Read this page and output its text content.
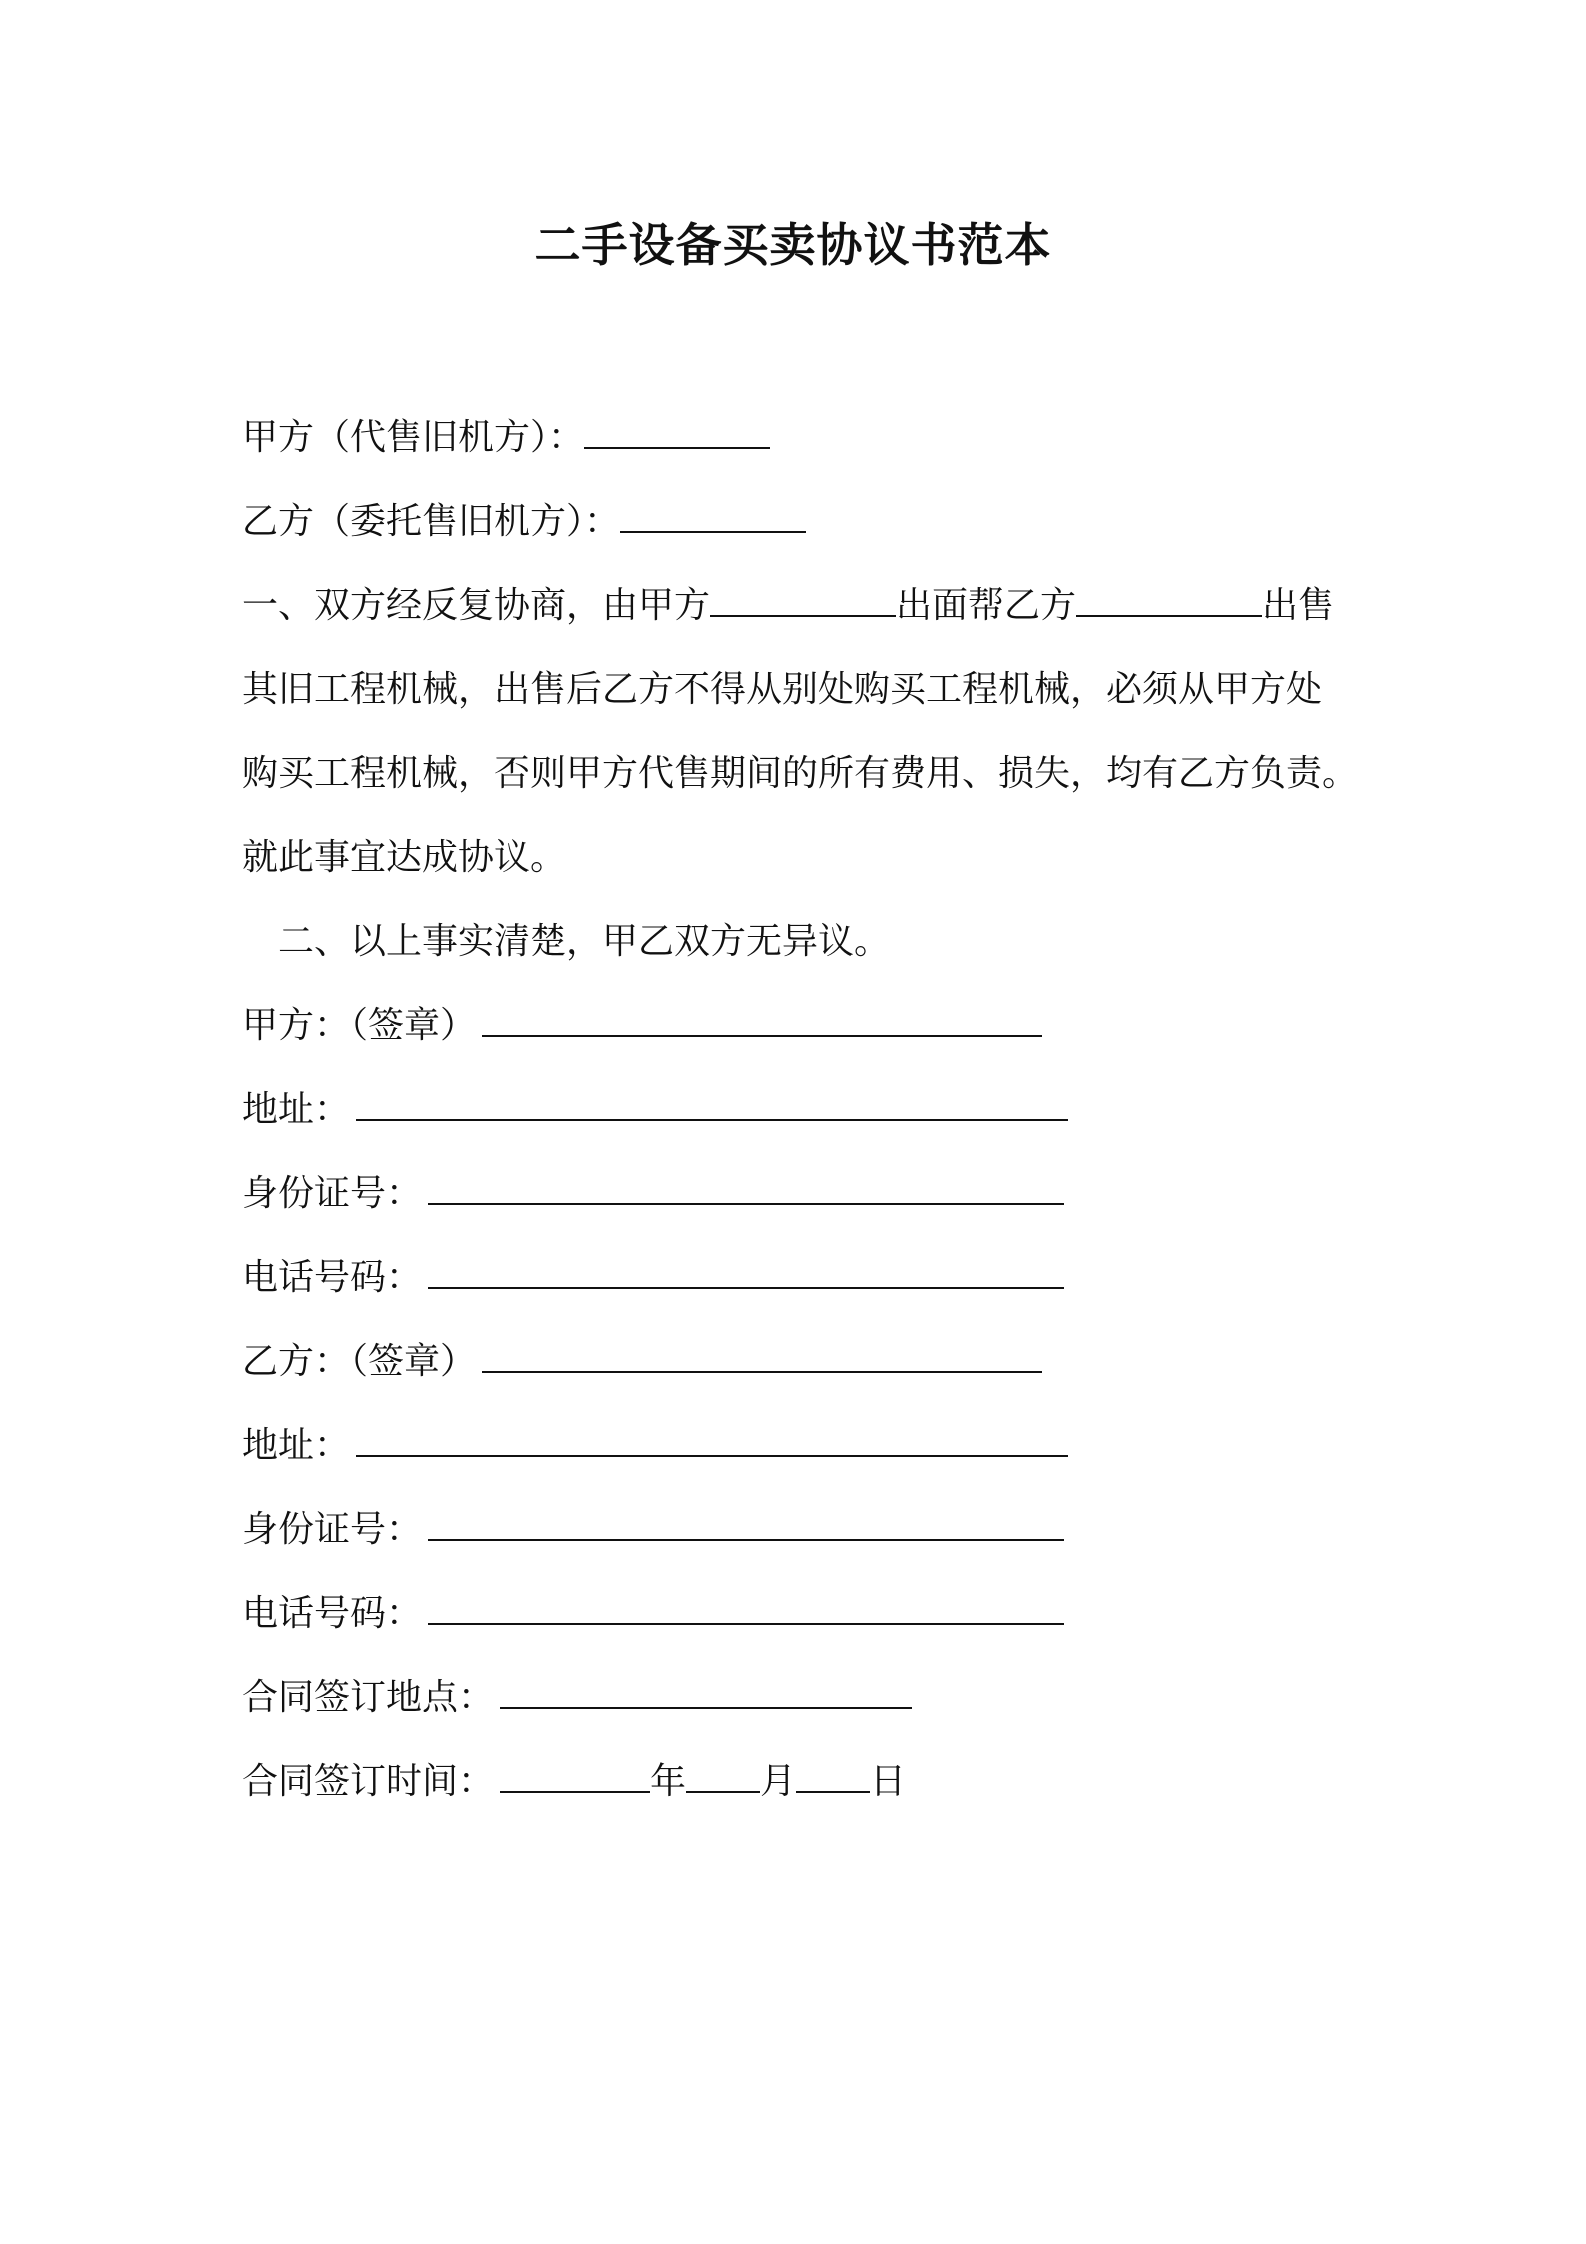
二手设备买卖协议书范本
甲方（代售旧机方）：
乙方（委托售旧机方）：
一、双方经反复协商，由甲方	出面帮乙方	出售
其旧工程机械，出售后乙方不得从别处购买工程机械，必须从甲方处
购买工程机械，否则甲方代售期间的所有费用、损失，均有乙方负责。
就此事宜达成协议。
二、以上事实清楚，甲乙双方无异议。
甲方：（签章）
地址：
身份证号：
电话号码：
乙方：（签章）
地址：
身份证号：
电话号码：
合同签订地点：
合同签订时间：	年 月 日
